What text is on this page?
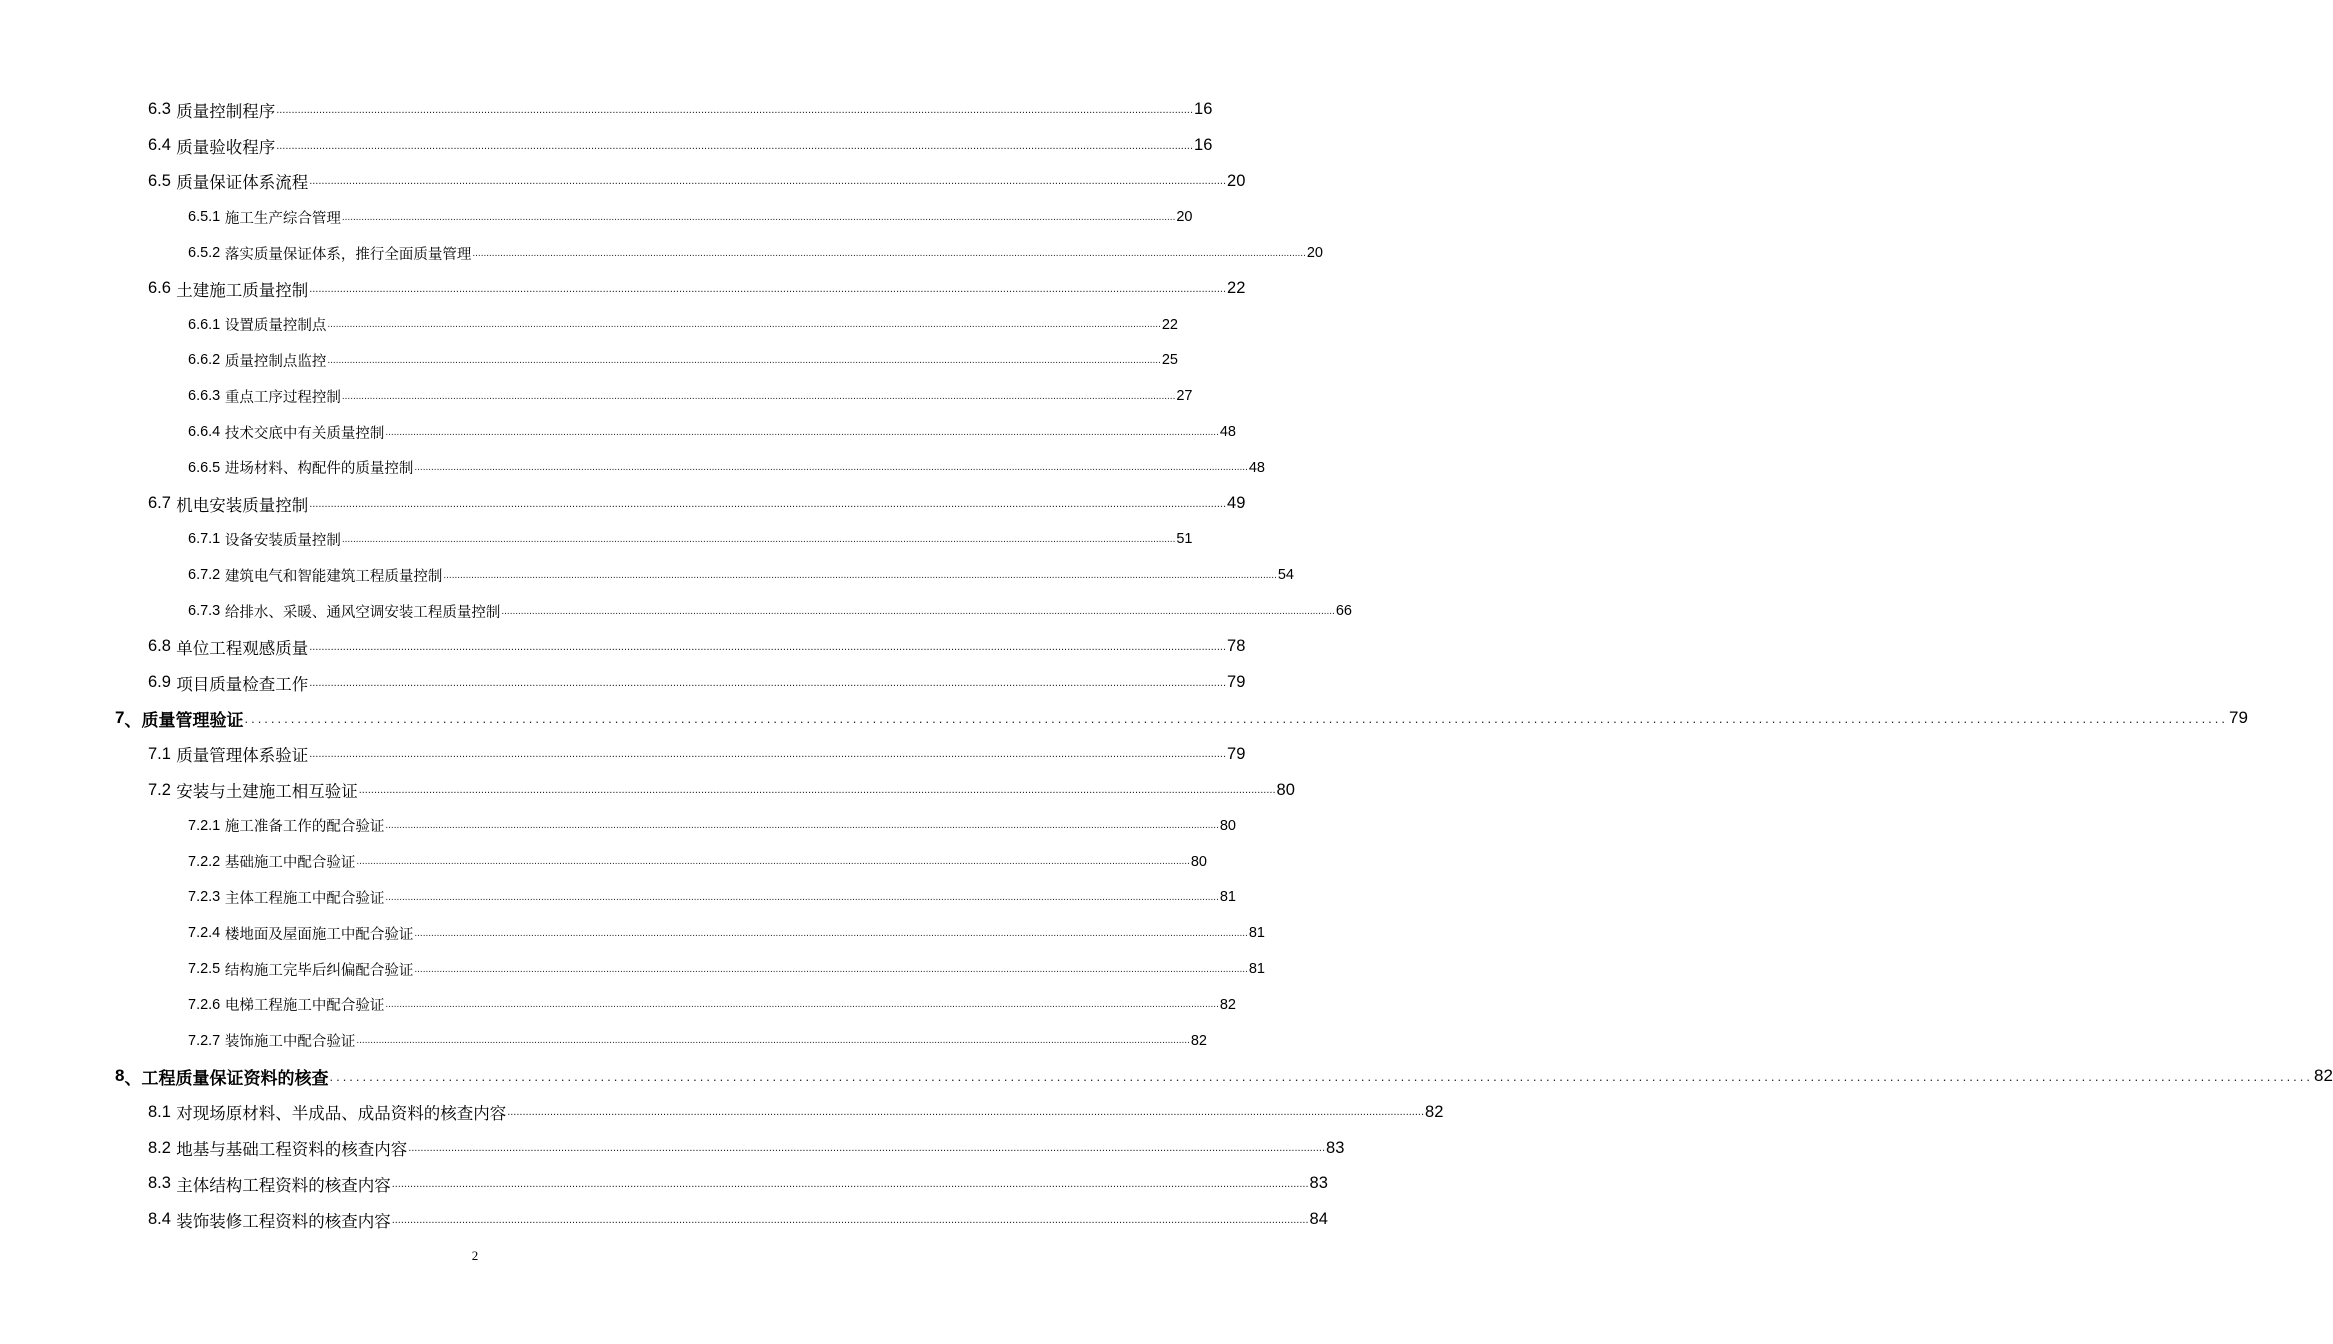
6.3
质量控制程序 ............................................................................................................................................................................................................................................................................................................ 16
6.4
质量验收程序 ............................................................................................................................................................................................................................................................................................................ 16
6.5
质量保证体系流程 ............................................................................................................................................................................................................................................................................................................ 20
6.5.1
施工生产综合管理 ............................................................................................................................................................................................................................................................................................................ 20
6.5.2
落实质量保证体系，推行全面质量管理 ............................................................................................................................................................................................................................................................................................................ 20
6.6
土建施工质量控制 ............................................................................................................................................................................................................................................................................................................ 22
6.6.1
设置质量控制点 ............................................................................................................................................................................................................................................................................................................ 22
6.6.2
质量控制点监控 ............................................................................................................................................................................................................................................................................................................ 25
6.6.3
重点工序过程控制 ............................................................................................................................................................................................................................................................................................................ 27
6.6.4
技术交底中有关质量控制 ............................................................................................................................................................................................................................................................................................................ 48
6.6.5
进场材料、构配件的质量控制 ............................................................................................................................................................................................................................................................................................................ 48
6.7
机电安装质量控制 ............................................................................................................................................................................................................................................................................................................ 49
6.7.1
设备安装质量控制 ............................................................................................................................................................................................................................................................................................................ 51
6.7.2
建筑电气和智能建筑工程质量控制 ............................................................................................................................................................................................................................................................................................................ 54
6.7.3
给排水、采暖、通风空调安装工程质量控制 ............................................................................................................................................................................................................................................................................................................ 66
6.8
单位工程观感质量 ............................................................................................................................................................................................................................................................................................................ 78
6.9
项目质量检查工作 ............................................................................................................................................................................................................................................................................................................ 79
7 、质量管理验证 ............................................................................................................................................................................................................................................................................................................ 79
7.1
质量管理体系验证 ............................................................................................................................................................................................................................................................................................................ 79
7.2
安装与土建施工相互验证 ............................................................................................................................................................................................................................................................................................................ 80
7.2.1
施工准备工作的配合验证 ............................................................................................................................................................................................................................................................................................................ 80
7.2.2
基础施工中配合验证 ............................................................................................................................................................................................................................................................................................................ 80
7.2.3
主体工程施工中配合验证 ............................................................................................................................................................................................................................................................................................................ 81
7.2.4
楼地面及屋面施工中配合验证 ............................................................................................................................................................................................................................................................................................................ 81
7.2.5
结构施工完毕后纠偏配合验证 ............................................................................................................................................................................................................................................................................................................ 81
7.2.6
电梯工程施工中配合验证 ............................................................................................................................................................................................................................................................................................................ 82
7.2.7
装饰施工中配合验证 ............................................................................................................................................................................................................................................................................................................ 82
8 、工程质量保证资料的核查 ............................................................................................................................................................................................................................................................................................................ 82
8.1
对现场原材料、半成品、成品资料的核查内容 ............................................................................................................................................................................................................................................................................................................ 82
8.2
地基与基础工程资料的核查内容 ............................................................................................................................................................................................................................................................................................................ 83
8.3
主体结构工程资料的核查内容 ............................................................................................................................................................................................................................................................................................................ 83
8.4
装饰装修工程资料的核查内容 ............................................................................................................................................................................................................................................................................................................ 84
2
